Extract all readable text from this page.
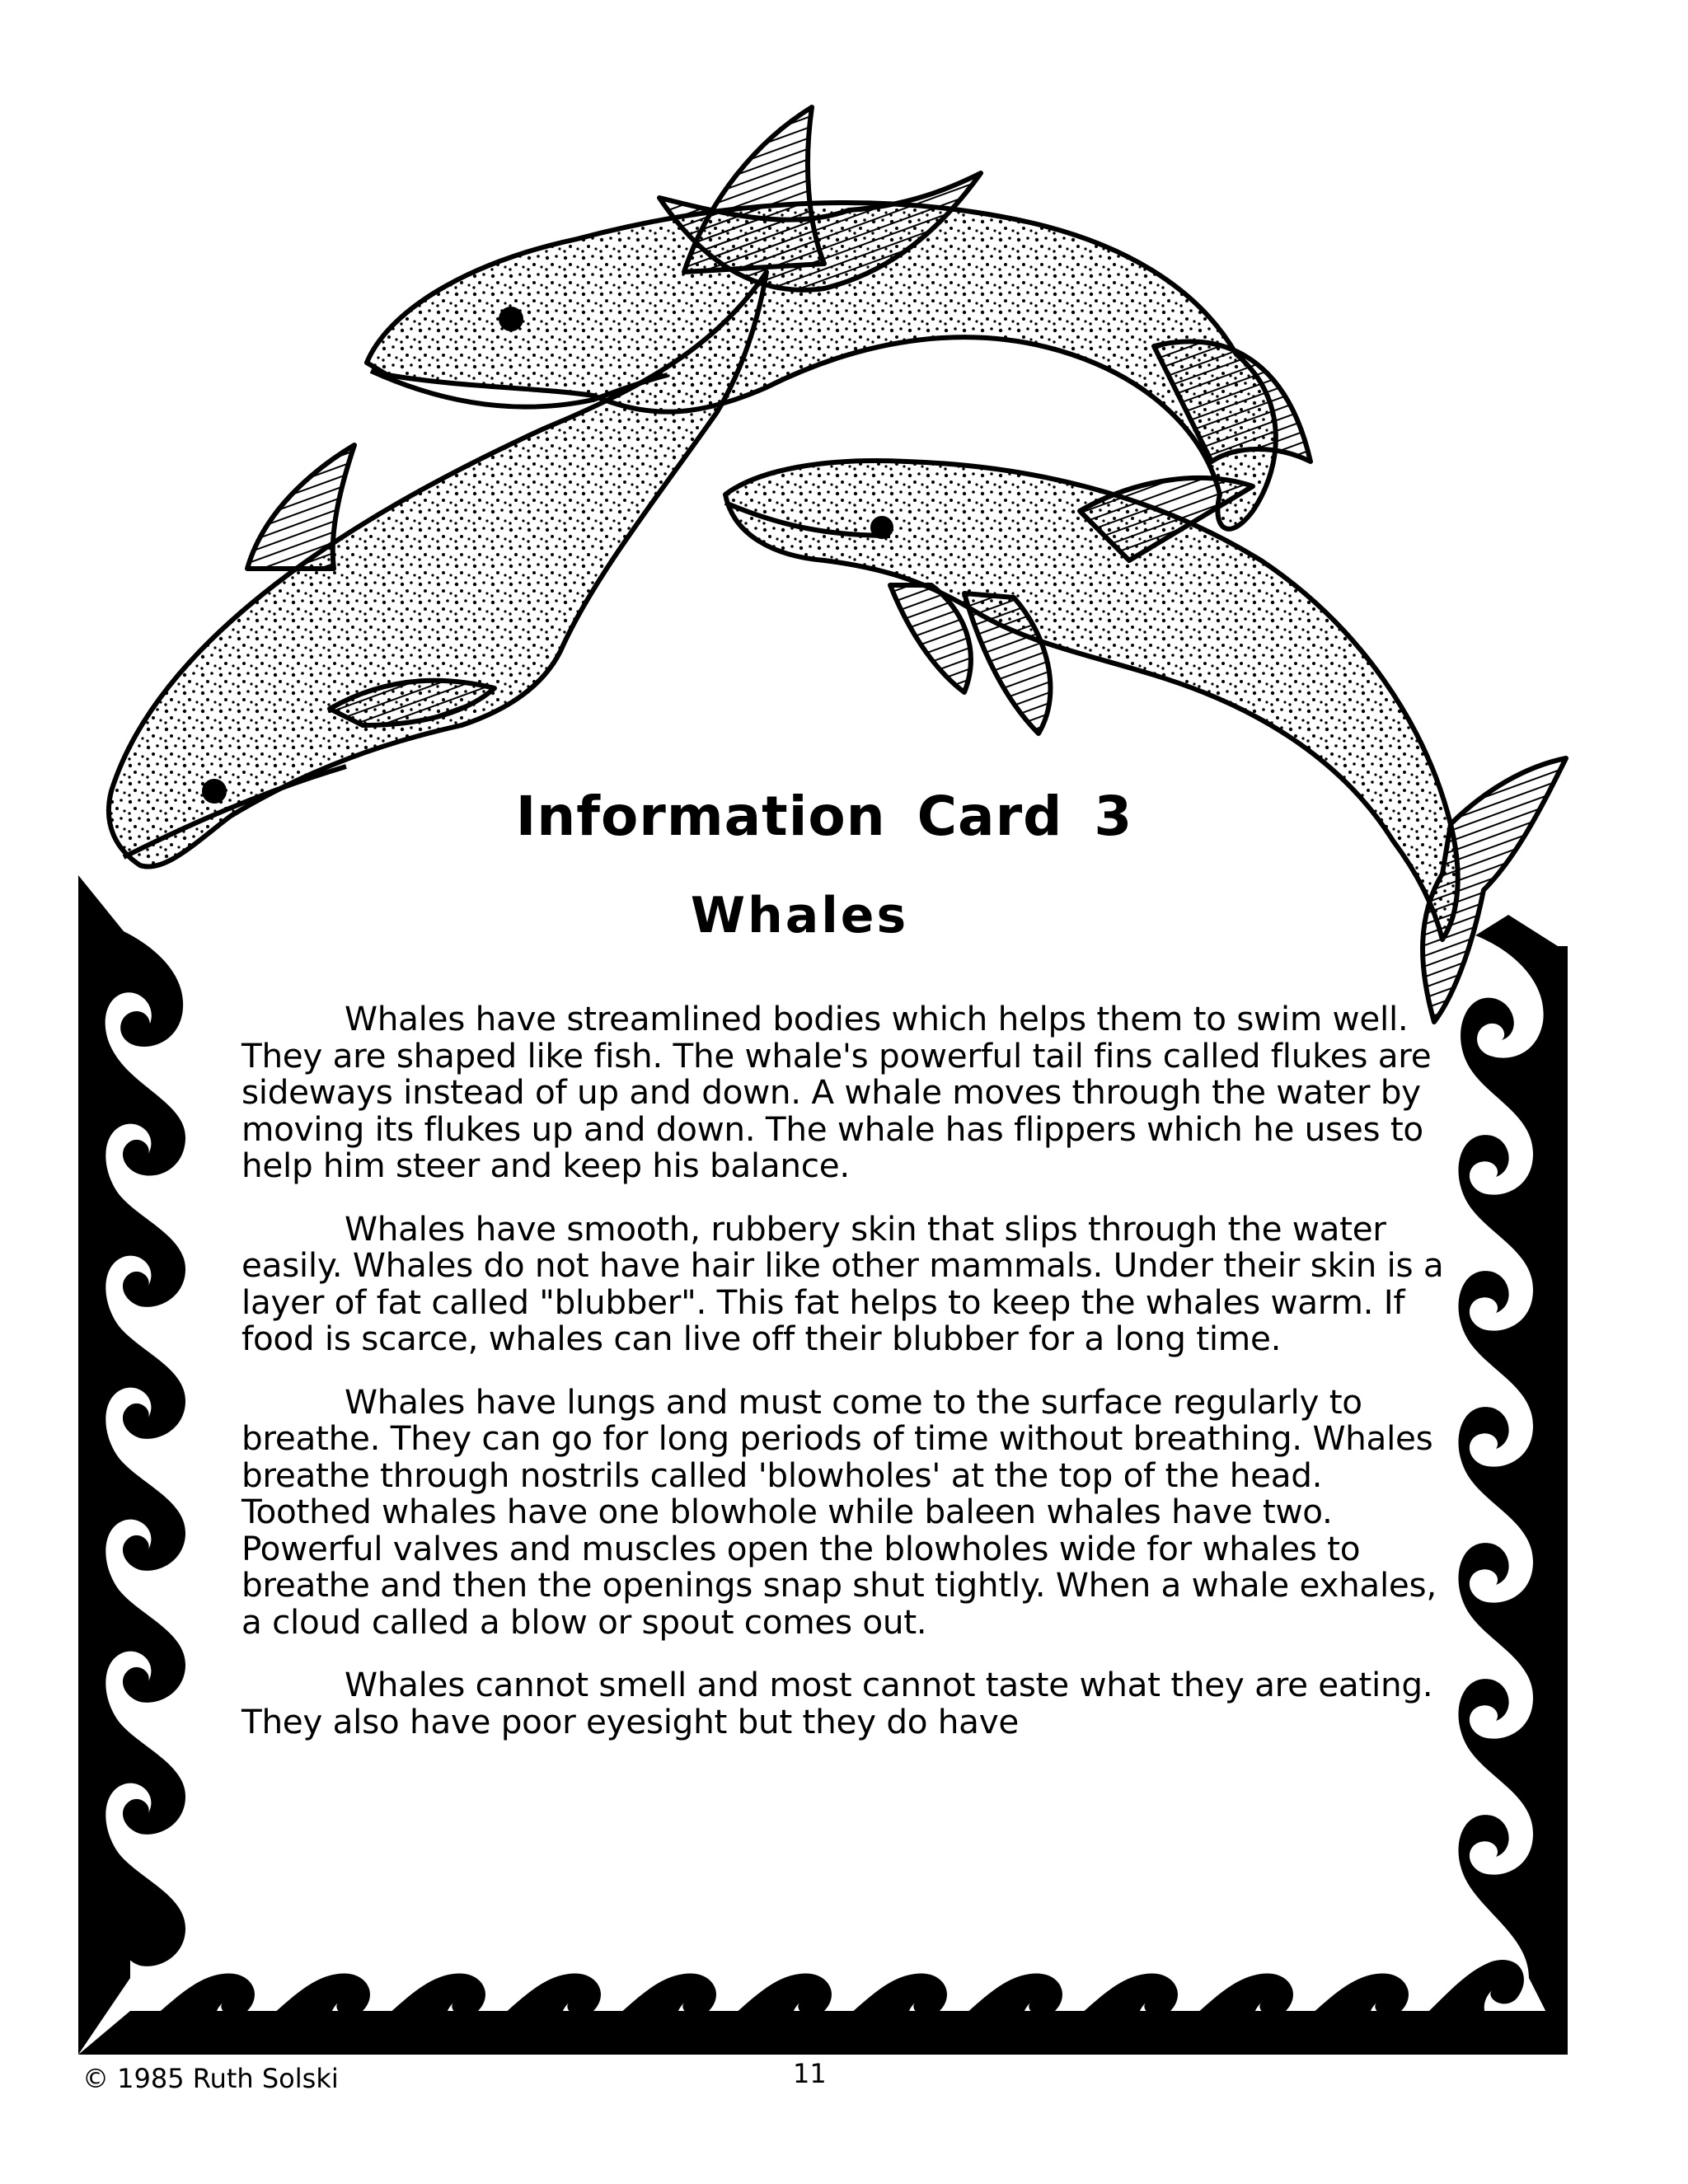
Information Card 3
Whales

Whales have streamlined bodies which helps them to swim well. They are shaped like fish. The whale's powerful tail fins called flukes are sideways instead of up and down. A whale moves through the water by moving its flukes up and down. The whale has flippers which he uses to help him steer and keep his balance.

Whales have smooth, rubbery skin that slips through the water easily. Whales do not have hair like other mammals. Under their skin is a layer of fat called "blubber". This fat helps to keep the whales warm. If food is scarce, whales can live off their blubber for a long time.

Whales have lungs and must come to the surface regularly to breathe. They can go for long periods of time without breathing. Whales breathe through nostrils called 'blowholes' at the top of the head. Toothed whales have one blowhole while baleen whales have two. Powerful valves and muscles open the blowholes wide for whales to breathe and then the openings snap shut tightly. When a whale exhales, a cloud called a blow or spout comes out.

Whales cannot smell and most cannot taste what they are eating. They also have poor eyesight but they do have

© 1985 Ruth Solski	11
